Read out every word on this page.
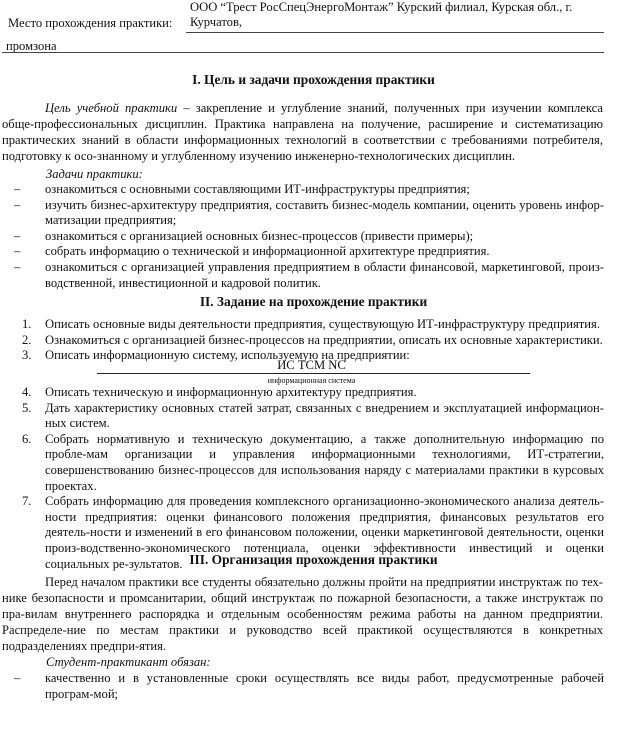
Место прохождения практики:
ООО “Трест РосСпецЭнергоМонтаж” Курский филиал, Курская обл., г. Курчатов,
промзона
I. Цель и задачи прохождения практики
Цель учебной практики – закрепление и углубление знаний, полученных при изучении комплекса обще-профессиональных дисциплин. Практика направлена на получение, расширение и систематизацию практических знаний в области информационных технологий в соответствии с требованиями потребителя, подготовку к осо-знанному и углубленному изучению инженерно-технологических дисциплин.
Задачи практики:
– ознакомиться с основными составляющими ИТ-инфраструктуры предприятия;
– изучить бизнес-архитектуру предприятия, составить бизнес-модель компании, оценить уровень инфор-матизации предприятия;
– ознакомиться с организацией основных бизнес-процессов (привести примеры);
– собрать информацию о технической и информационной архитектуре предприятия.
– ознакомиться с организацией управления предприятием в области финансовой, маркетинговой, произ-водственной, инвестиционной и кадровой политик.
II. Задание на прохождение практики
1. Описать основные виды деятельности предприятия, существующую ИТ-инфраструктуру предприятия.
2. Ознакомиться с организацией бизнес-процессов на предприятии, описать их основные характеристики.
3. Описать информационную систему, используемую на предприятии:
ИС TCM NC
информационная система
4. Описать техническую и информационную архитектуру предприятия.
5. Дать характеристику основных статей затрат, связанных с внедрением и эксплуатацией информацион-ных систем.
6. Собрать нормативную и техническую документацию, а также дополнительную информацию по пробле-мам организации и управления информационными технологиями, ИТ-стратегии, совершенствованию бизнес-процессов для использования наряду с материалами практики в курсовых проектах.
7. Собрать информацию для проведения комплексного организационно-экономического анализа деятель-ности предприятия: оценки финансового положения предприятия, финансовых результатов его деятель-ности и изменений в его финансовом положении, оценки маркетинговой деятельности, оценки произ-водственно-экономического потенциала, оценки эффективности инвестиций и оценки социальных ре-зультатов. III. Организация прохождения практики
Перед началом практики все студенты обязательно должны пройти на предприятии инструктаж по тех-нике безопасности и промсанитарии, общий инструктаж по пожарной безопасности, а также инструктаж по пра-вилам внутреннего распорядка и отдельным особенностям режима работы на данном предприятии. Распределе-ние по местам практики и руководство всей практикой осуществляются в конкретных подразделениях предпри-ятия.
Студент-практикант обязан:
– качественно и в установленные сроки осуществлять все виды работ, предусмотренные рабочей програм-мой;
